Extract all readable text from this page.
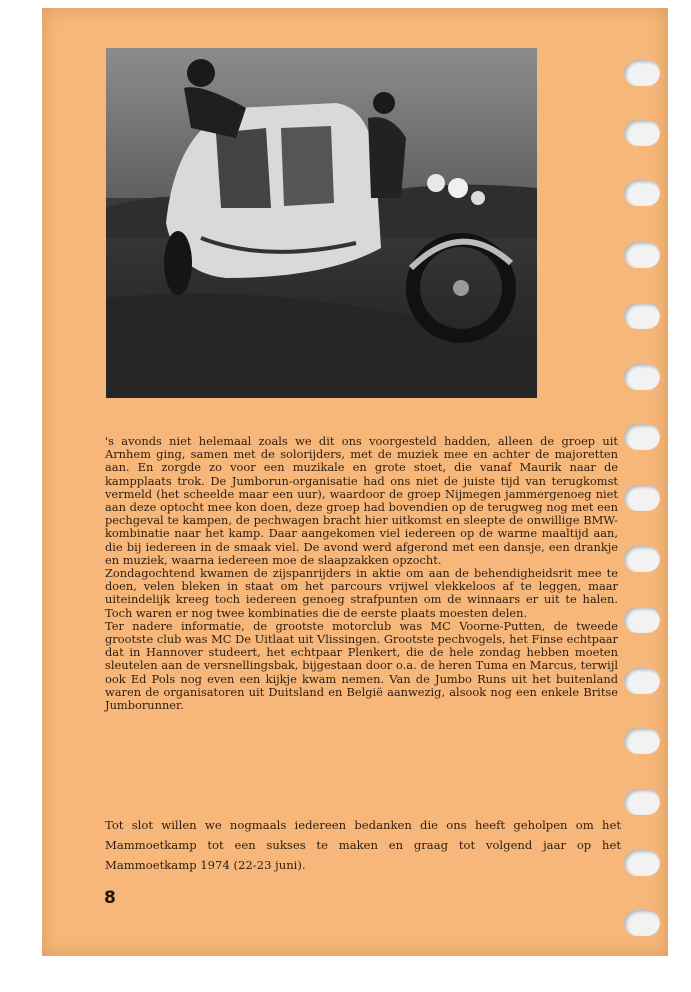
's avonds niet helemaal zoals we dit ons voorgesteld hadden, alleen de groep uit Arnhem ging, samen met de solorijders, met de muziek mee en achter de majoretten aan. En zorgde zo voor een muzikale en grote stoet, die vanaf Maurik naar de kampplaats trok. De Jumborun-organisatie had ons niet de juiste tijd van terugkomst vermeld (het scheelde maar een uur), waardoor de groep Nijmegen jammergenoeg niet aan deze optocht mee kon doen, deze groep had bovendien op de terugweg nog met een pechgeval te kampen, de pechwagen bracht hier uitkomst en sleepte de onwillige BMW-kombinatie naar het kamp. Daar aangekomen viel iedereen op de warme maaltijd aan, die bij iedereen in de smaak viel. De avond werd afgerond met een dansje, een drankje en muziek, waarna iedereen moe de slaapzakken opzocht.

Zondagochtend kwamen de zijspanrijders in aktie om aan de behendigheidsrit mee te doen, velen bleken in staat om het parcours vrijwel vlekkeloos af te leggen, maar uiteindelijk kreeg toch iedereen genoeg strafpunten om de winnaars er uit te halen. Toch waren er nog twee kombinaties die de eerste plaats moesten delen.

Ter nadere informatie, de grootste motorclub was MC Voorne-Putten, de tweede grootste club was MC De Uitlaat uit Vlissingen. Grootste pechvogels, het Finse echtpaar dat in Hannover studeert, het echtpaar Plenkert, die de hele zondag hebben moeten sleutelen aan de versnellingsbak, bijgestaan door o.a. de heren Tuma en Marcus, terwijl ook Ed Pols nog even een kijkje kwam nemen. Van de Jumbo Runs uit het buitenland waren de organisatoren uit Duitsland en België aanwezig, alsook nog een enkele Britse Jumborunner.

Tot slot willen we nogmaals iedereen bedanken die ons heeft geholpen om het Mammoetkamp tot een sukses te maken en graag tot volgend jaar op het Mammoetkamp 1974 (22-23 juni).

8
